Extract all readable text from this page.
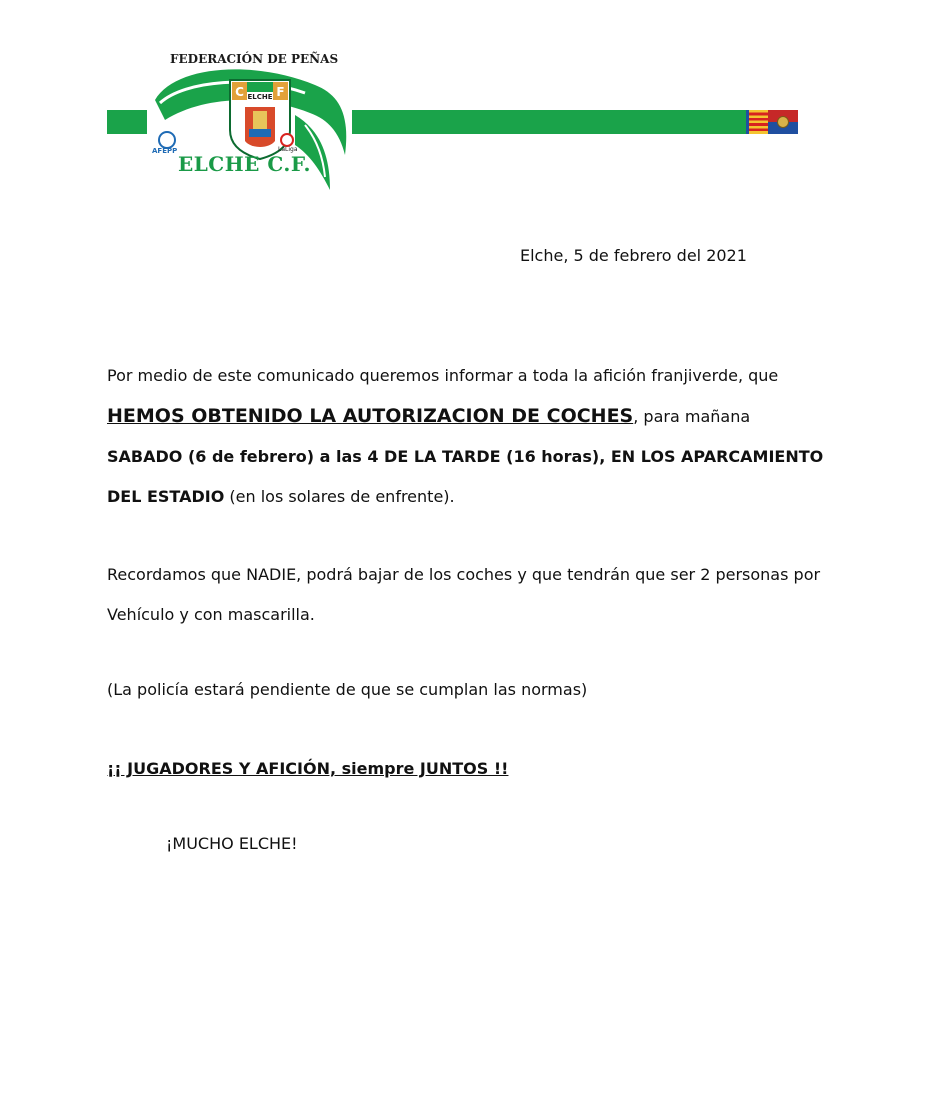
ELCHE
C	F
FEDERACIÓN DE PEÑAS
AFEPP	LaLiga
ELCHE C.F.
Elche, 5 de febrero del 2021
Por medio de este comunicado queremos informar a toda la afición franjiverde, que HEMOS OBTENIDO LA AUTORIZACION DE COCHES, para mañana SABADO (6 de febrero) a las 4 DE LA TARDE (16 horas), EN LOS APARCAMIENTO DEL ESTADIO (en los solares de enfrente).
Recordamos que NADIE, podrá bajar de los coches y que tendrán que ser 2 personas por Vehículo y con mascarilla.
(La policía estará pendiente de que se cumplan las normas)
¡¡ JUGADORES Y AFICIÓN, siempre JUNTOS !!
¡MUCHO ELCHE!
